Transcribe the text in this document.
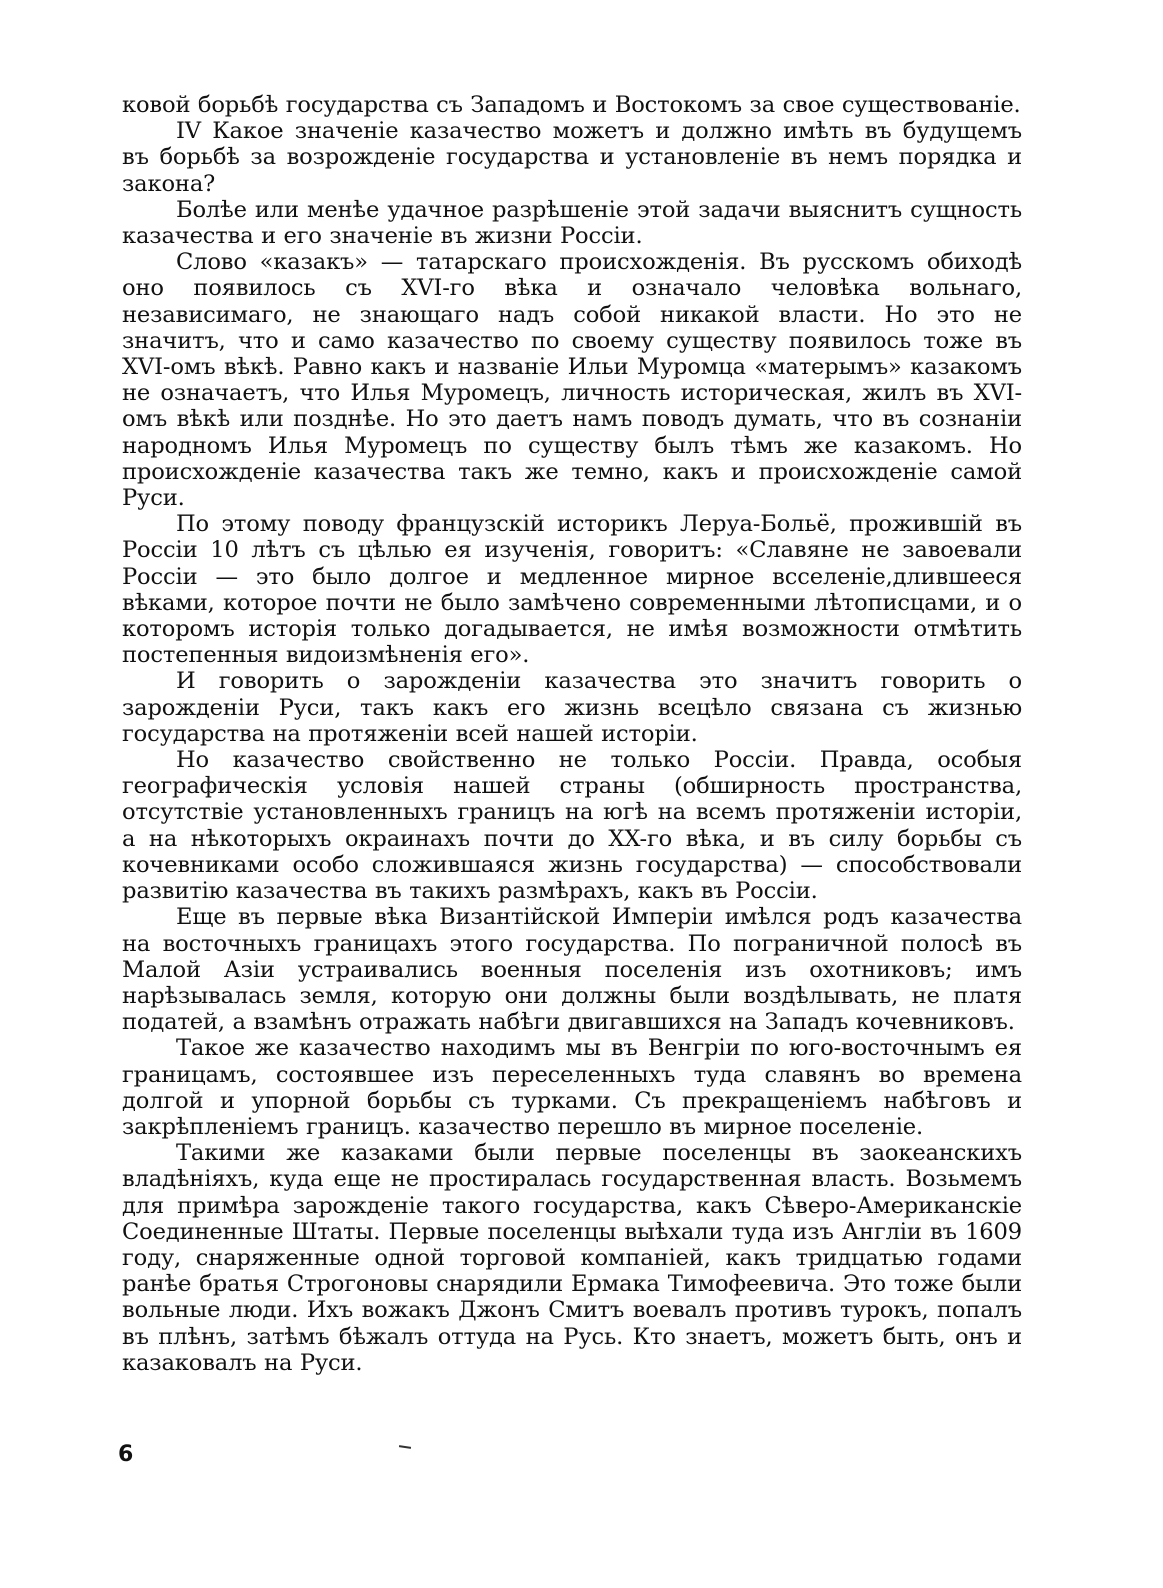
ковой борьбѣ государства съ Западомъ и Востокомъ за свое существованіе.

IV Какое значеніе казачество можетъ и должно имѣть въ будущемъ въ борьбѣ за возрожденіе государства и установленіе въ немъ порядка и закона?

Болѣе или менѣе удачное разрѣшеніе этой задачи выяснитъ сущность казачества и его значеніе въ жизни Россіи.

Слово «казакъ» — татарскаго происхожденія. Въ русскомъ обиходѣ оно появилось съ XVI-го вѣка и означало человѣка вольнаго, независимаго, не знающаго надъ собой никакой власти. Но это не значитъ, что и само казачество по своему существу появилось тоже въ XVI-омъ вѣкѣ. Равно какъ и названіе Ильи Муромца «матерымъ» казакомъ не означаетъ, что Илья Муромецъ, личность историческая, жилъ въ XVI-омъ вѣкѣ или позднѣе. Но это даетъ намъ поводъ думать, что въ сознаніи народномъ Илья Муромецъ по существу былъ тѣмъ же казакомъ. Но происхожденіе казачества такъ же темно, какъ и происхожденіе самой Руси.

По этому поводу французскій историкъ Леруа-Больё, прожившій въ Россіи 10 лѣтъ съ цѣлью ея изученія, говоритъ: «Славяне не завоевали Россіи — это было долгое и медленное мирное всселеніе,длившееся вѣками, которое почти не было замѣчено современными лѣтописцами, и о которомъ исторія только догадывается, не имѣя возможности отмѣтить постепенныя видоизмѣненія его».

И говорить о зарожденіи казачества это значитъ говорить о зарожденіи Руси, такъ какъ его жизнь всецѣло связана съ жизнью государства на протяженіи всей нашей исторіи.

Но казачество свойственно не только Россіи. Правда, особыя географическія условія нашей страны (обширность пространства, отсутствіе установленныхъ границъ на югѣ на всемъ протяженіи исторіи, а на нѣкоторыхъ окраинахъ почти до XX-го вѣка, и въ силу борьбы съ кочевниками особо сложившаяся жизнь государства) — способствовали развитію казачества въ такихъ размѣрахъ, какъ въ Россіи.

Еще въ первые вѣка Византійской Имперіи имѣлся родъ казачества на восточныхъ границахъ этого государства. По пограничной полосѣ въ Малой Азіи устраивались военныя поселенія изъ охотниковъ; имъ нарѣзывалась земля, которую они должны были воздѣлывать, не платя податей, а взамѣнъ отражать набѣги двигавшихся на Западъ кочевниковъ.

Такое же казачество находимъ мы въ Венгріи по юго-восточнымъ ея границамъ, состоявшее изъ переселенныхъ туда славянъ во времена долгой и упорной борьбы съ турками. Съ прекращеніемъ набѣговъ и закрѣпленіемъ границъ. казачество перешло въ мирное поселеніе.

Такими же казаками были первые поселенцы въ заокеанскихъ владѣніяхъ, куда еще не простиралась государственная власть. Возьмемъ для примѣра зарожденіе такого государства, какъ Сѣверо-Американскіе Соединенные Штаты. Первые поселенцы выѣхали туда изъ Англіи въ 1609 году, снаряженные одной торговой компаніей, какъ тридцатью годами ранѣе братья Строгоновы снарядили Ермака Тимофеевича. Это тоже были вольные люди. Ихъ вожакъ Джонъ Смитъ воевалъ противъ турокъ, попалъ въ плѣнъ, затѣмъ бѣжалъ оттуда на Русь. Кто знаетъ, можетъ быть, онъ и казаковалъ на Руси.

6
